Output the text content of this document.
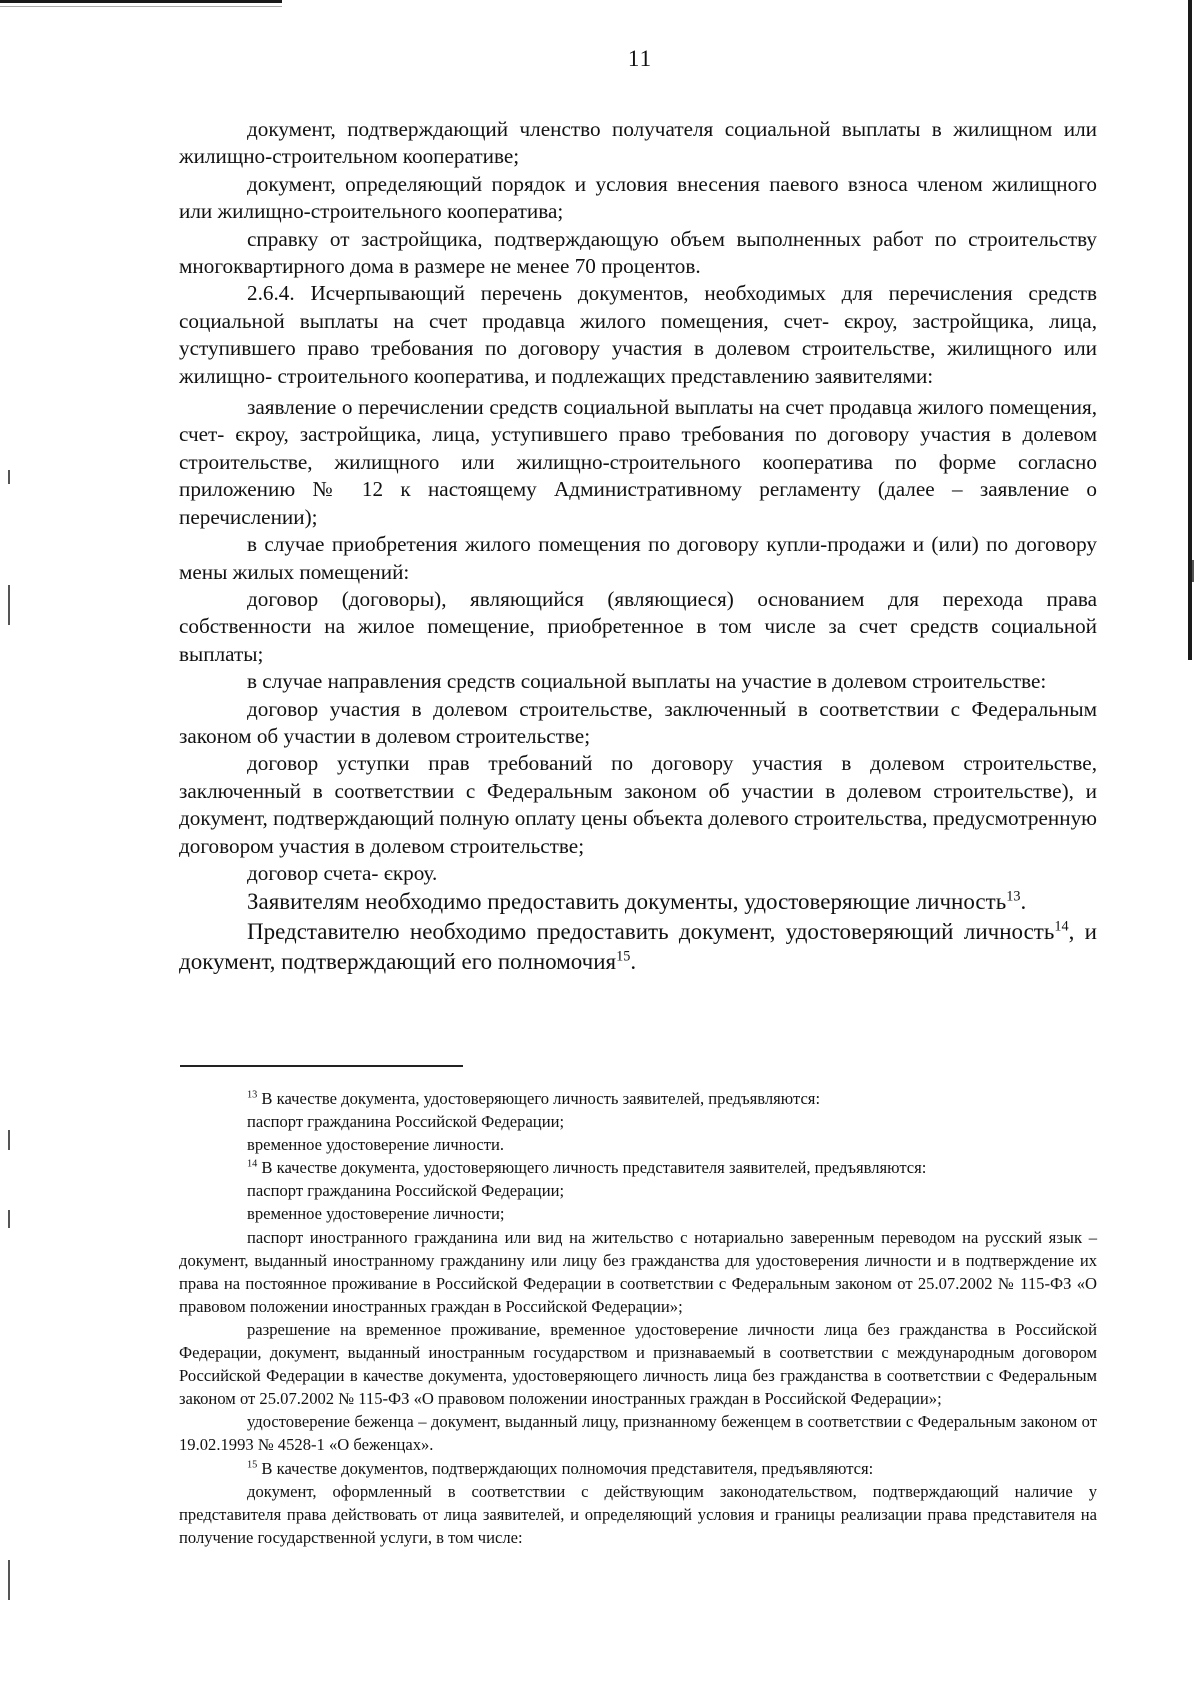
11

документ, подтверждающий членство получателя социальной выплаты в жилищном или жилищно-строительном кооперативе;

документ, определяющий порядок и условия внесения паевого взноса членом жилищного или жилищно-строительного кооператива;

справку от застройщика, подтверждающую объем выполненных работ по строительству многоквартирного дома в размере не менее 70 процентов.

2.6.4. Исчерпывающий перечень документов, необходимых для перечисления средств социальной выплаты на счет продавца жилого помещения, счет- єкроу, застройщика, лица, уступившего право требования по договору участия в долевом строительстве, жилищного или жилищно- строительного кооператива, и подлежащих представлению заявителями:

заявление о перечислении средств социальной выплаты на счет продавца жилого помещения, счет- єкроу, застройщика, лица, уступившего право требования по договору участия в долевом строительстве, жилищного или жилищно-строительного кооператива по форме согласно приложению № 12 к настоящему Административному регламенту (далее – заявление о перечислении);

в случае приобретения жилого помещения по договору купли-продажи и (или) по договору мены жилых помещений:

договор (договоры), являющийся (являющиеся) основанием для перехода права собственности на жилое помещение, приобретенное в том числе за счет средств социальной выплаты;

в случае направления средств социальной выплаты на участие в долевом строительстве:

договор участия в долевом строительстве, заключенный в соответствии с Федеральным законом об участии в долевом строительстве;

договор уступки прав требований по договору участия в долевом строительстве, заключенный в соответствии с Федеральным законом об участии в долевом строительстве), и документ, подтверждающий полную оплату цены объекта долевого строительства, предусмотренную договором участия в долевом строительстве;

договор счета- єкроу.

Заявителям необходимо предоставить документы, удостоверяющие личность$^{13}$.

Представителю необходимо предоставить документ, удостоверяющий личность$^{14}$, и документ, подтверждающий его полномочия$^{15}$.

$^{13}$ В качестве документа, удостоверяющего личность заявителей, предъявляются:

паспорт гражданина Российской Федерации;

временное удостоверение личности.

$^{14}$ В качестве документа, удостоверяющего личность представителя заявителей, предъявляются:

паспорт гражданина Российской Федерации;

временное удостоверение личности;

паспорт иностранного гражданина или вид на жительство с нотариально заверенным переводом на русский язык – документ, выданный иностранному гражданину или лицу без гражданства для удостоверения личности и в подтверждение их права на постоянное проживание в Российской Федерации в соответствии с Федеральным законом от 25.07.2002 № 115-ФЗ «О правовом положении иностранных граждан в Российской Федерации»;

разрешение на временное проживание, временное удостоверение личности лица без гражданства в Российской Федерации, документ, выданный иностранным государством и признаваемый в соответствии с международным договором Российской Федерации в качестве документа, удостоверяющего личность лица без гражданства в соответствии с Федеральным законом от 25.07.2002 № 115-ФЗ «О правовом положении иностранных граждан в Российской Федерации»;

удостоверение беженца – документ, выданный лицу, признанному беженцем в соответствии с Федеральным законом от 19.02.1993 № 4528-1 «О беженцах».

$^{15}$ В качестве документов, подтверждающих полномочия представителя, предъявляются:

документ, оформленный в соответствии с действующим законодательством, подтверждающий наличие у представителя права действовать от лица заявителей, и определяющий условия и границы реализации права представителя на получение государственной услуги, в том числе:
